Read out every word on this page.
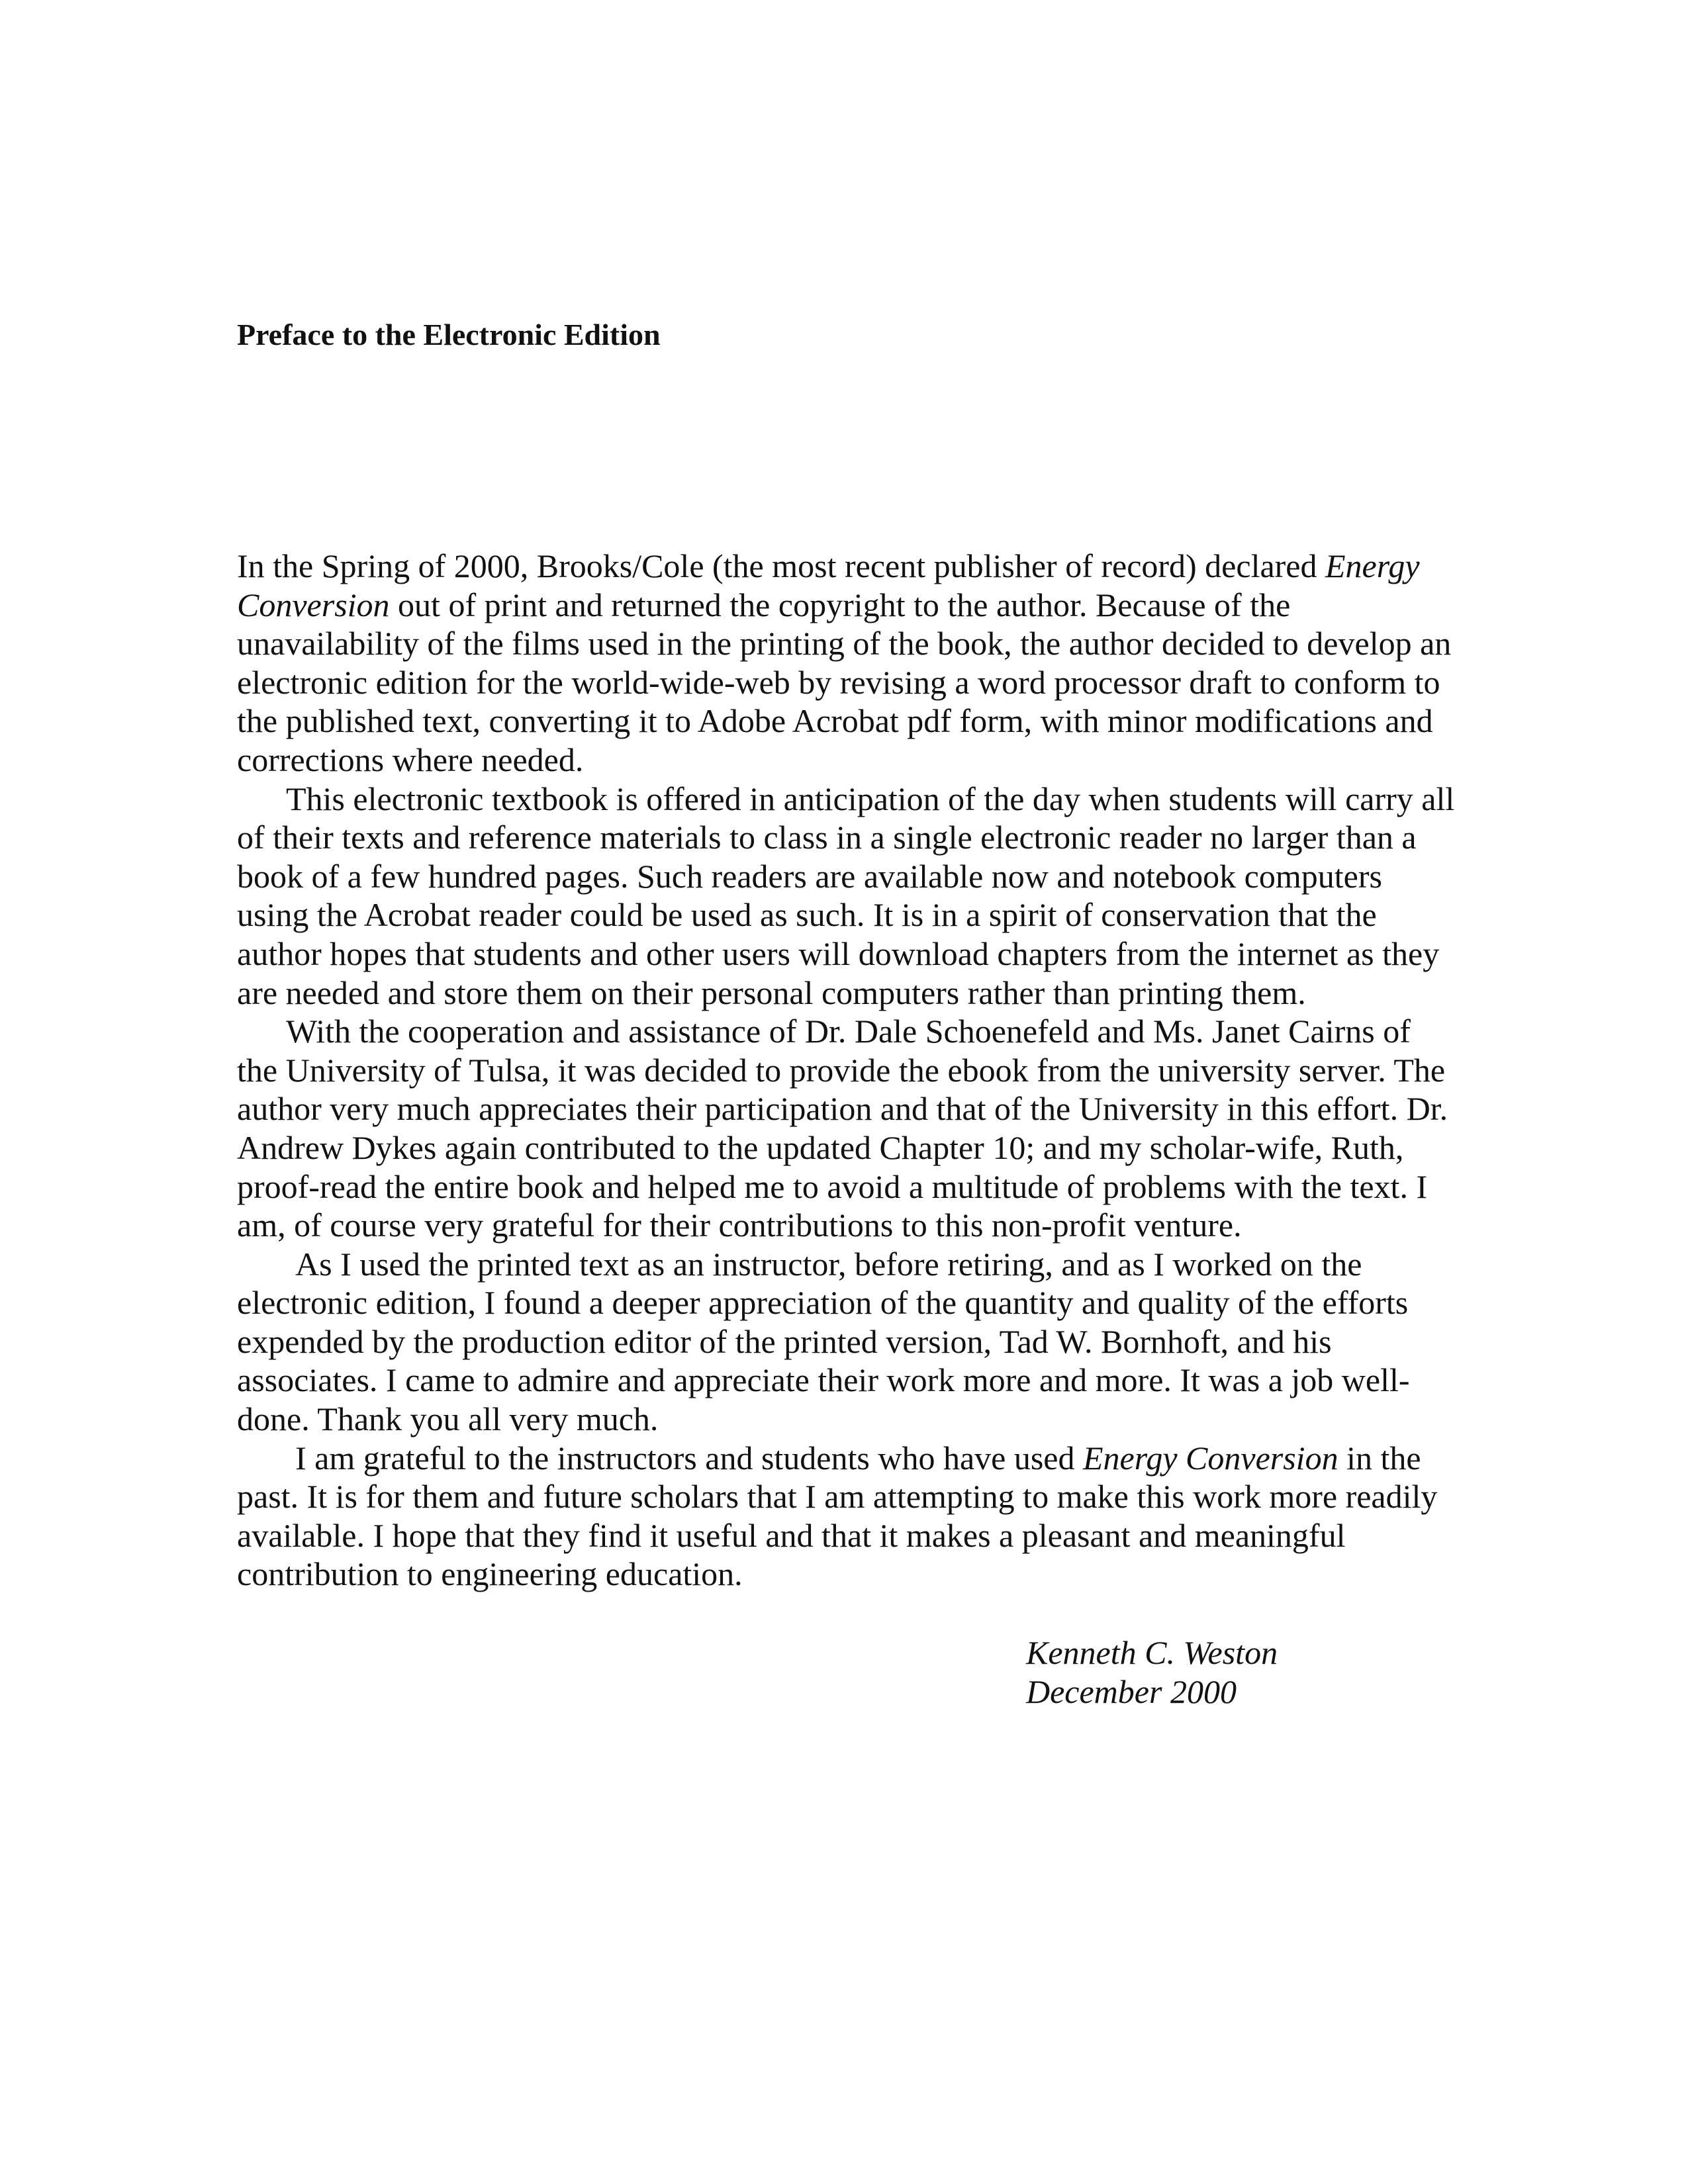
Preface to the Electronic Edition

In the Spring of 2000, Brooks/Cole (the most recent publisher of record) declared Energy
Conversion out of print and returned the copyright to the author. Because of the
unavailability of the films used in the printing of the book, the author decided to develop an
electronic edition for the world-wide-web by revising a word processor draft to conform to
the published text, converting it to Adobe Acrobat pdf form, with minor modifications and
corrections where needed.

This electronic textbook is offered in anticipation of the day when students will carry all
of their texts and reference materials to class in a single electronic reader no larger than a
book of a few hundred pages. Such readers are available now and notebook computers
using the Acrobat reader could be used as such. It is in a spirit of conservation that the
author hopes that students and other users will download chapters from the internet as they
are needed and store them on their personal computers rather than printing them.

With the cooperation and assistance of Dr. Dale Schoenefeld and Ms. Janet Cairns of
the University of Tulsa, it was decided to provide the ebook from the university server. The
author very much appreciates their participation and that of the University in this effort. Dr.
Andrew Dykes again contributed to the updated Chapter 10; and my scholar-wife, Ruth,
proof-read the entire book and helped me to avoid a multitude of problems with the text. I
am, of course very grateful for their contributions to this non-profit venture.

As I used the printed text as an instructor, before retiring, and as I worked on the
electronic edition, I found a deeper appreciation of the quantity and quality of the efforts
expended by the production editor of the printed version, Tad W. Bornhoft, and his
associates. I came to admire and appreciate their work more and more. It was a job well-
done. Thank you all very much.

I am grateful to the instructors and students who have used Energy Conversion in the
past. It is for them and future scholars that I am attempting to make this work more readily
available. I hope that they find it useful and that it makes a pleasant and meaningful
contribution to engineering education.

Kenneth C. Weston
December 2000
